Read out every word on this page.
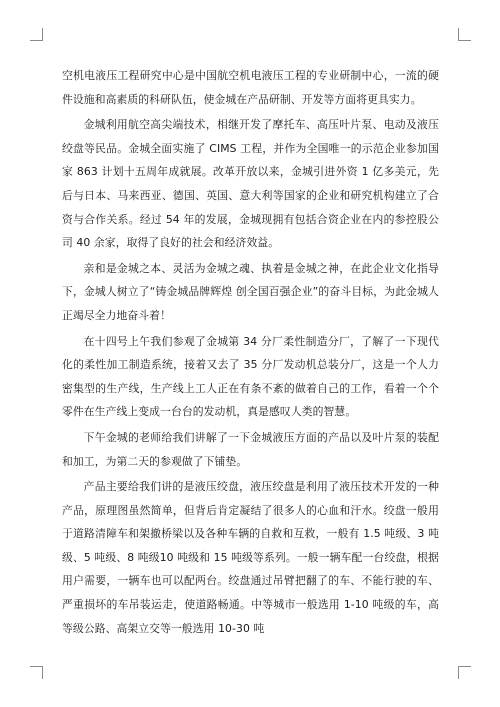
空机电液压工程研究中心是中国航空机电液压工程的专业研制中心，一流的硬件设施和高素质的科研队伍，使金城在产品研制、开发等方面将更具实力。

金城利用航空高尖端技术，相继开发了摩托车、高压叶片泵、电动及液压绞盘等民品。金城全面实施了 CIMS 工程，并作为全国唯一的示范企业参加国家 863 计划十五周年成就展。改革开放以来，金城引进外资 1 亿多美元，先后与日本、马来西亚、德国、英国、意大利等国家的企业和研究机构建立了合资与合作关系。经过 54 年的发展，金城现拥有包括合资企业在内的参控股公司 40 余家，取得了良好的社会和经济效益。

亲和是金城之本、灵活为金城之魂、执着是金城之神，在此企业文化指导下，金城人树立了“铸金城品牌辉煌 创全国百强企业”的奋斗目标，为此金城人正竭尽全力地奋斗着！

在十四号上午我们参观了金城第 34 分厂柔性制造分厂，了解了一下现代化的柔性加工制造系统，接着又去了 35 分厂发动机总装分厂，这是一个人力密集型的生产线，生产线上工人正在有条不紊的做着自己的工作，看着一个个零件在生产线上变成一台台的发动机，真是感叹人类的智慧。

下午金城的老师给我们讲解了一下金城液压方面的产品以及叶片泵的装配和加工，为第二天的参观做了下铺垫。

产品主要给我们讲的是液压绞盘，液压绞盘是利用了液压技术开发的一种产品，原理图虽然简单，但背后肯定凝结了很多人的心血和汗水。绞盘一般用于道路清障车和架撤桥梁以及各种车辆的自救和互救，一般有 1.5 吨级、3 吨级、5 吨级、8 吨级10 吨级和 15 吨级等系列。一般一辆车配一台绞盘，根据用户需要，一辆车也可以配两台。绞盘通过吊臂把翻了的车、不能行驶的车、严重损坏的车吊装运走，使道路畅通。中等城市一般选用 1-10 吨级的车，高等级公路、高架立交等一般选用 10-30 吨
